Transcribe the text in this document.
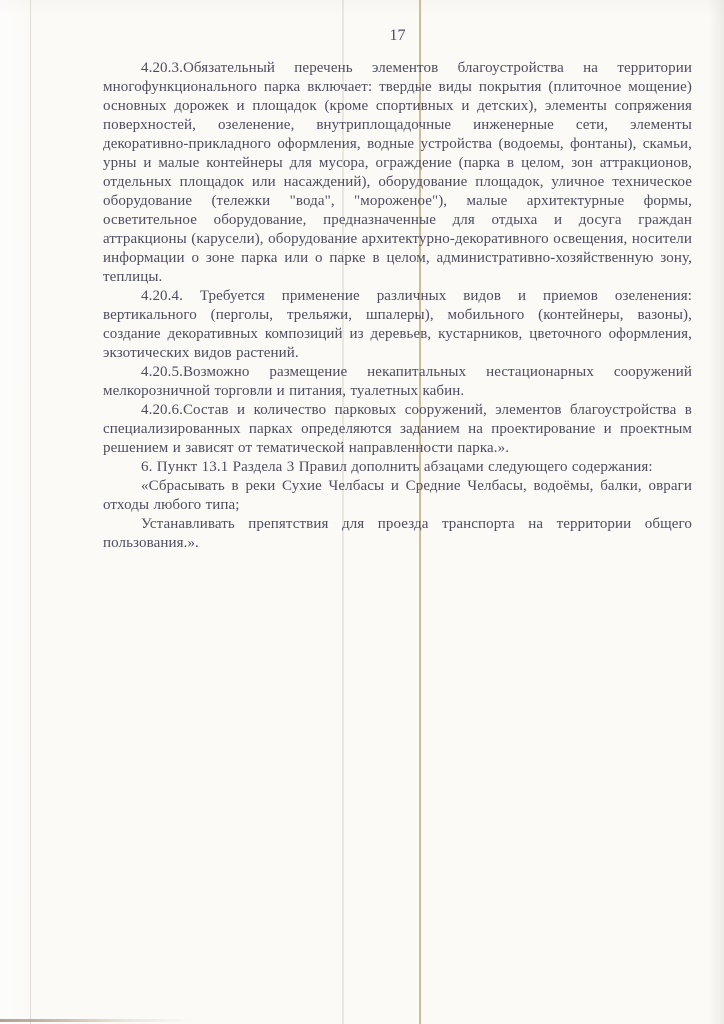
17

4.20.3.Обязательный перечень элементов благоустройства на территории многофункционального парка включает: твердые виды покрытия (плиточное мощение) основных дорожек и площадок (кроме спортивных и детских), элементы сопряжения поверхностей, озеленение, внутриплощадочные инженерные сети, элементы декоративно-прикладного оформления, водные устройства (водоемы, фонтаны), скамьи, урны и малые контейнеры для мусора, ограждение (парка в целом, зон аттракционов, отдельных площадок или насаждений), оборудование площадок, уличное техническое оборудование (тележки "вода", "мороженое"), малые архитектурные формы, осветительное оборудование, предназначенные для отдыха и досуга граждан аттракционы (карусели), оборудование архитектурно-декоративного освещения, носители информации о зоне парка или о парке в целом, административно-хозяйственную зону, теплицы.

4.20.4. Требуется применение различных видов и приемов озеленения: вертикального (перголы, трельяжи, шпалеры), мобильного (контейнеры, вазоны), создание декоративных композиций из деревьев, кустарников, цветочного оформления, экзотических видов растений.

4.20.5.Возможно размещение некапитальных нестационарных сооружений мелкорозничной торговли и питания, туалетных кабин.

4.20.6.Состав и количество парковых сооружений, элементов благоустройства в специализированных парках определяются заданием на проектирование и проектным решением и зависят от тематической направленности парка.».

6. Пункт 13.1 Раздела 3 Правил дополнить абзацами следующего содержания:

«Сбрасывать в реки Сухие Челбасы и Средние Челбасы, водоёмы, балки, овраги отходы любого типа;

Устанавливать препятствия для проезда транспорта на территории общего пользования.».
